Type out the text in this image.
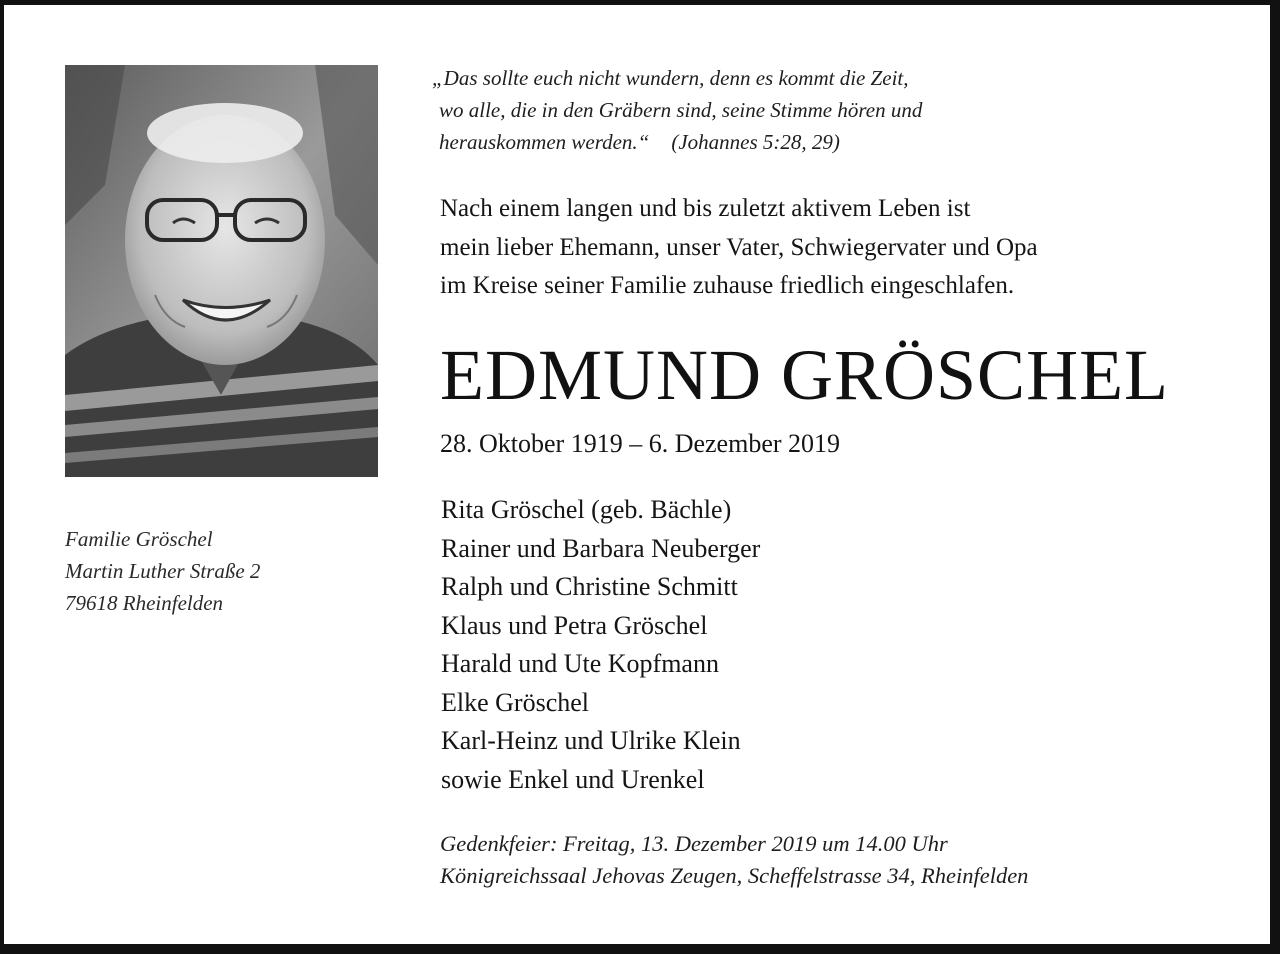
„Das sollte euch nicht wundern, denn es kommt die Zeit,
wo alle, die in den Gräbern sind, seine Stimme hören und
herauskommen werden.“ (Johannes 5:28, 29)
Nach einem langen und bis zuletzt aktivem Leben ist
mein lieber Ehemann, unser Vater, Schwiegervater und Opa
im Kreise seiner Familie zuhause friedlich eingeschlafen.
EDMUND GRÖSCHEL
28. Oktober 1919 – 6. Dezember 2019
Rita Gröschel (geb. Bächle)
Rainer und Barbara Neuberger
Ralph und Christine Schmitt
Klaus und Petra Gröschel
Harald und Ute Kopfmann
Elke Gröschel
Karl-Heinz und Ulrike Klein
sowie Enkel und Urenkel
Familie Gröschel
Martin Luther Straße 2
79618 Rheinfelden
Gedenkfeier: Freitag, 13. Dezember 2019 um 14.00 Uhr
Königreichssaal Jehovas Zeugen, Scheffelstrasse 34, Rheinfelden
